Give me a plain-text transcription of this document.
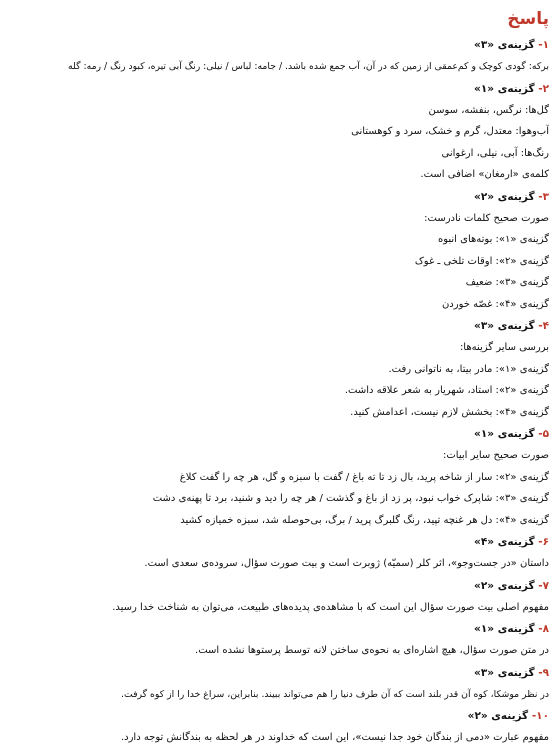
پاسخ
۱- گزینه‌ی «۳»
برکه: گودی کوچک و کم‌عمقی از زمین که در آن، آب جمع شده باشد. / جامه: لباس / نیلی: رنگ آبی تیره، کبود رنگ / رمه: گله
۲- گزینه‌ی «۱»
گل‌ها: نرگس، بنفشه، سوسن
آب‌وهوا: معتدل، گرم و خشک، سرد و کوهستانی
رنگ‌ها: آبی، نیلی، ارغوانی
کلمه‌ی «ارمغان» اضافی است.
۳- گزینه‌ی «۲»
صورت صحیح کلمات نادرست:
گزینه‌ی «۱»: بوته‌های انبوه
گزینه‌ی «۲»: اوقات تلخی ـ غوک
گزینه‌ی «۳»: ضعیف
گزینه‌ی «۴»: غصّه خوردن
۴- گزینه‌ی «۳»
بررسی سایر گزینه‌ها:
گزینه‌ی «۱»: مادر بیتا، به ناتوانی رفت.
گزینه‌ی «۲»: استاد، شهریار به شعر علاقه داشت.
گزینه‌ی «۴»: بخشش لازم نیست، اعدامش کنید.
۵- گزینه‌ی «۱»
صورت صحیح سایر ابیات:
گزینه‌ی «۲»: سار از شاخه پرید، بال زد تا ته باغ / گفت با سبزه و گل، هر چه را گفت کلاغ
گزینه‌ی «۳»: شاپرک خواب نبود، پر زد از باغ و گذشت / هر چه را دید و شنید، برد تا پهنه‌ی دشت
گزینه‌ی «۴»: دل هر غنچه تپید، رنگ گلبرگ پرید / برگ، بی‌حوصله شد، سبزه خمیازه کشید
۶- گزینه‌ی «۴»
داستان «در جست‌وجو»، اثر کلر (سمیّه) ژوبرت است و بیت صورت سؤال، سروده‌ی سعدی است.
۷- گزینه‌ی «۲»
مفهوم اصلی بیت صورت سؤال این است که با مشاهده‌ی پدیده‌های طبیعت، می‌توان به شناخت خدا رسید.
۸- گزینه‌ی «۱»
در متن صورت سؤال، هیچ اشاره‌ای به نحوه‌ی ساختن لانه توسط پرستوها نشده است.
۹- گزینه‌ی «۳»
در نظر موشکا، کوه آن قدر بلند است که آن طرف دنیا را هم می‌تواند ببیند. بنابراین، سراغ خدا را از کوه گرفت.
۱۰- گزینه‌ی «۲»
مفهوم عبارت «دمی از بندگان خود جدا نیست»، این است که خداوند در هر لحظه به بندگانش توجه دارد.
